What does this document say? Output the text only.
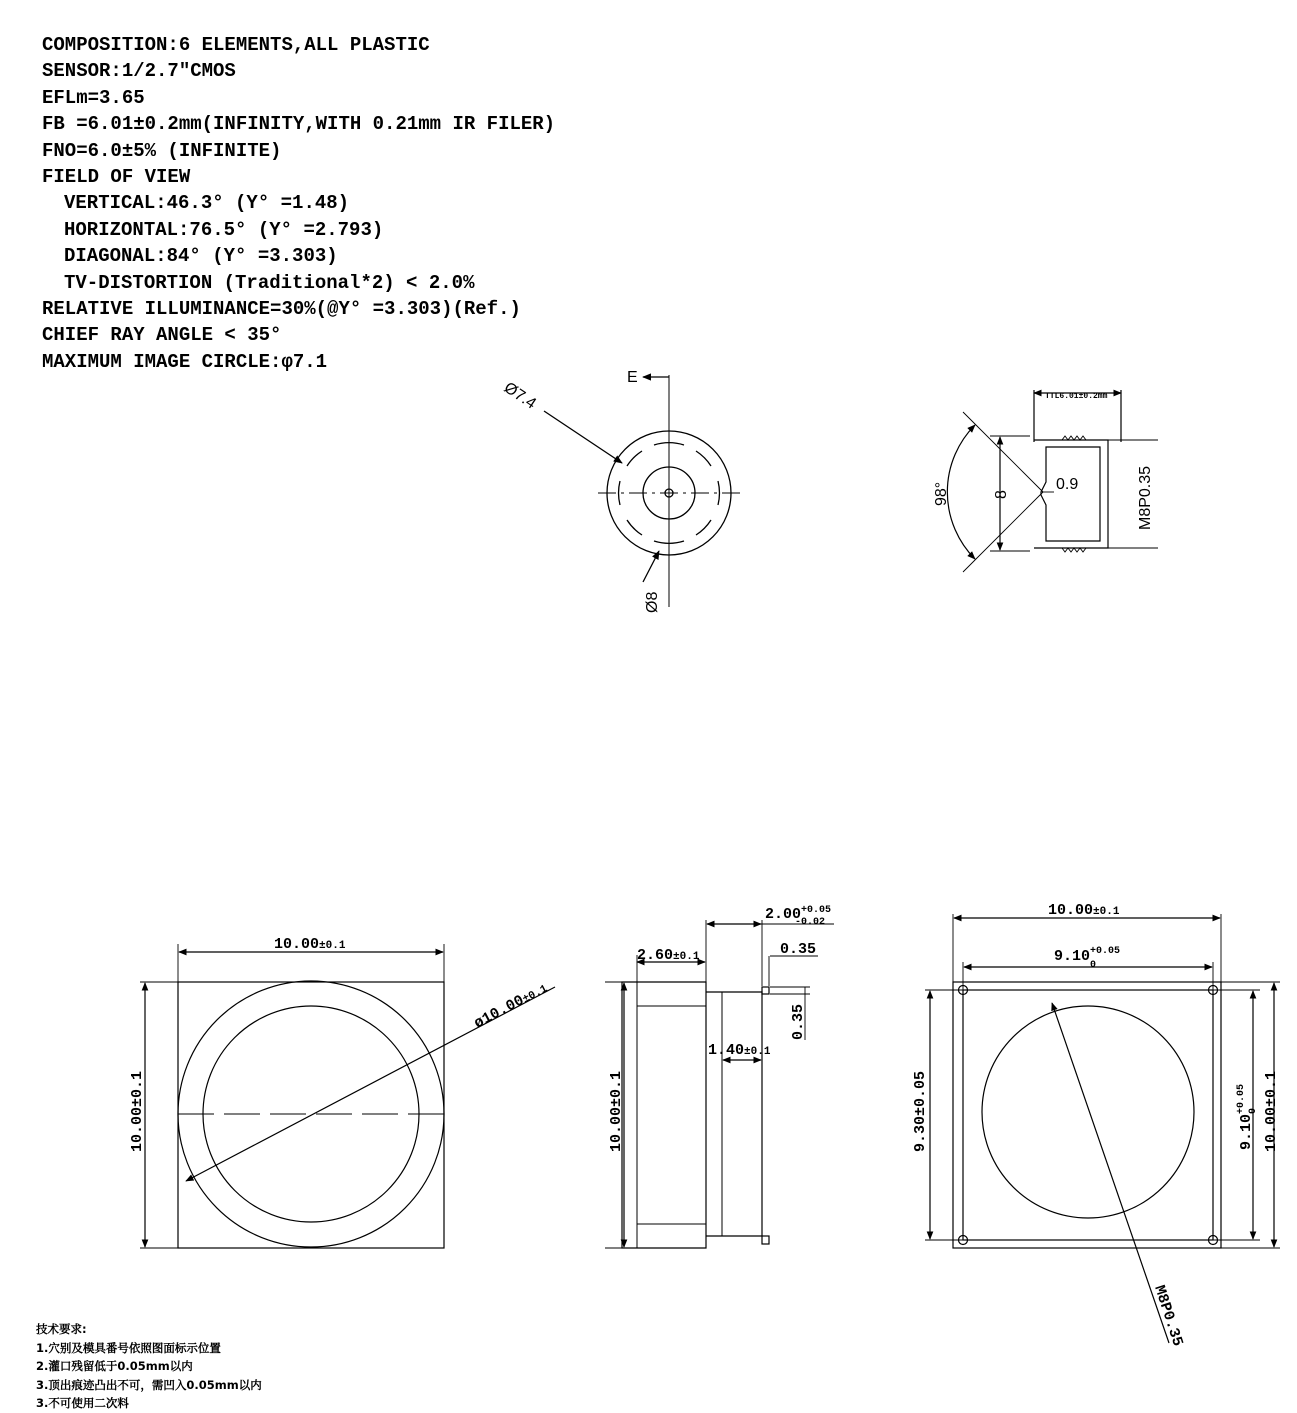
COMPOSITION:6 ELEMENTS,ALL PLASTIC
SENSOR:1/2.7"CMOS
EFLm=3.65
FB =6.01±0.2mm(INFINITY,WITH 0.21mm IR FILER)
FNO=6.0±5% (INFINITE)
FIELD OF VIEW
VERTICAL:46.3° (Y° =1.48)
HORIZONTAL:76.5° (Y° =2.793)
DIAGONAL:84° (Y° =3.303)
TV-DISTORTION (Traditional*2) < 2.0%
RELATIVE ILLUMINANCE=30%(@Y° =3.303)(Ref.)
CHIEF RAY ANGLE < 35°
MAXIMUM IMAGE CIRCLE:φ7.1
E
Ø7.4
Ø8
TTL6.01±0.2mm
98°	8
0.9	M8P0.35
10.00±0.1
10.00±0.1
ø10.00±0.1
$2.00^{+0.05}$ -0.02
2.60±0.1	0.35
0.35
1.40±0.1
10.00±0.1
10.00±0.1
$9.10^{+0.05}$ 0
9.30±0.05	$9.10^{+0.05}0$ 10.00±0.1
M8P0.35
技术要求:
1.穴别及模具番号依照图面标示位置
2.灌口残留低于0.05mm以内
3.顶出痕迹凸出不可，需凹入0.05mm以内
3.不可使用二次料
